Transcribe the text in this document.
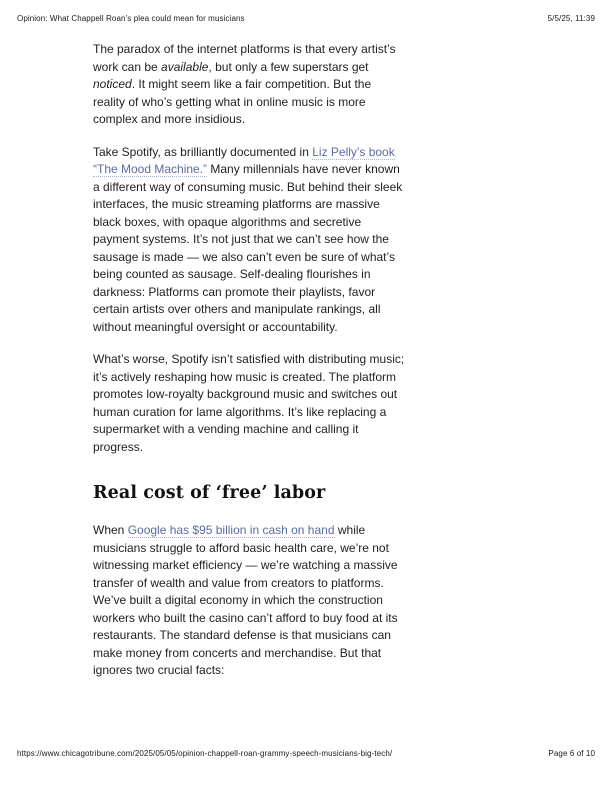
Opinion: What Chappell Roan’s plea could mean for musicians	5/5/25, 11:39

The paradox of the internet platforms is that every artist’s work can be available, but only a few superstars get noticed. It might seem like a fair competition. But the reality of who’s getting what in online music is more complex and more insidious.

Take Spotify, as brilliantly documented in Liz Pelly’s book “The Mood Machine.” Many millennials have never known a different way of consuming music. But behind their sleek interfaces, the music streaming platforms are massive black boxes, with opaque algorithms and secretive payment systems. It’s not just that we can’t see how the sausage is made — we also can’t even be sure of what’s being counted as sausage. Self-dealing flourishes in darkness: Platforms can promote their playlists, favor certain artists over others and manipulate rankings, all without meaningful oversight or accountability.

What’s worse, Spotify isn’t satisfied with distributing music; it’s actively reshaping how music is created. The platform promotes low-royalty background music and switches out human curation for lame algorithms. It’s like replacing a supermarket with a vending machine and calling it progress.

Real cost of ‘free’ labor

When Google has $95 billion in cash on hand while musicians struggle to afford basic health care, we’re not witnessing market efficiency — we’re watching a massive transfer of wealth and value from creators to platforms. We’ve built a digital economy in which the construction workers who built the casino can’t afford to buy food at its restaurants. The standard defense is that musicians can make money from concerts and merchandise. But that ignores two crucial facts:

https://www.chicagotribune.com/2025/05/05/opinion-chappell-roan-grammy-speech-musicians-big-tech/	Page 6 of 10
